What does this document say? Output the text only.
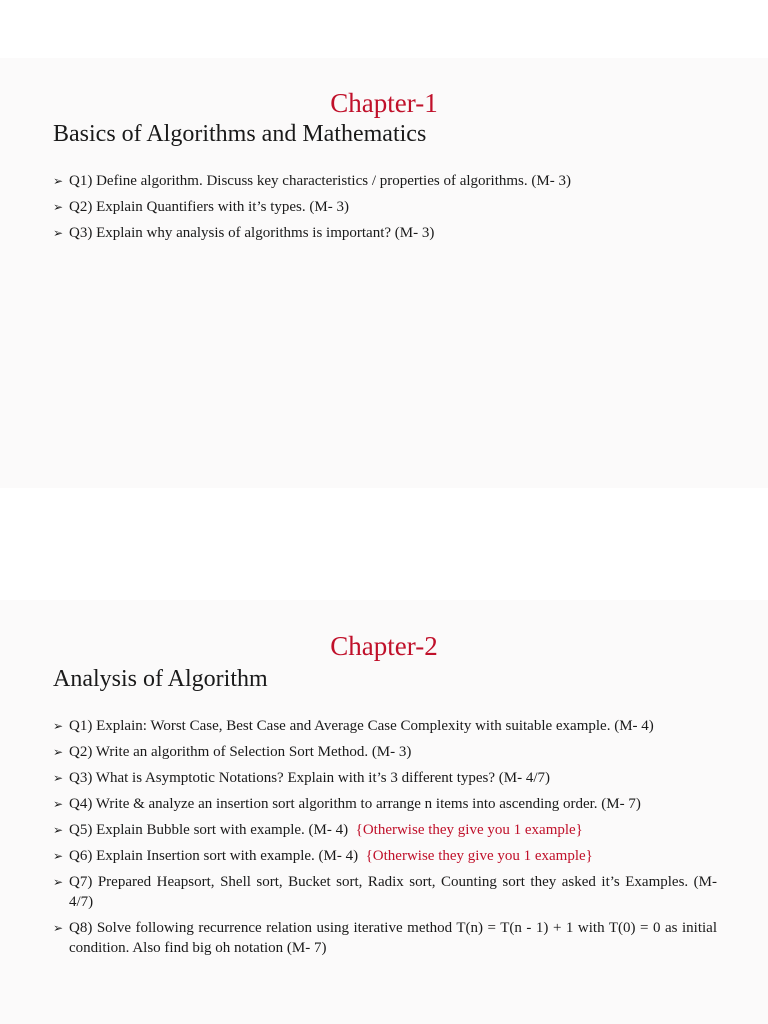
Chapter-1
Basics of Algorithms and Mathematics
➢ Q1) Define algorithm. Discuss key characteristics / properties of algorithms. (M- 3)
➢ Q2) Explain Quantifiers with it’s types. (M- 3)
➢ Q3) Explain why analysis of algorithms is important? (M- 3)
Chapter-2
Analysis of Algorithm
➢ Q1) Explain: Worst Case, Best Case and Average Case Complexity with suitable example. (M- 4)
➢ Q2) Write an algorithm of Selection Sort Method. (M- 3)
➢ Q3) What is Asymptotic Notations? Explain with it’s 3 different types? (M- 4/7)
➢ Q4) Write & analyze an insertion sort algorithm to arrange n items into ascending order. (M- 7)
➢ Q5) Explain Bubble sort with example. (M- 4) {Otherwise they give you 1 example}
➢ Q6) Explain Insertion sort with example. (M- 4) {Otherwise they give you 1 example}
➢ Q7) Prepared Heapsort, Shell sort, Bucket sort, Radix sort, Counting sort they asked it’s Examples. (M- 4/7)
➢ Q8) Solve following recurrence relation using iterative method T(n) = T(n - 1) + 1 with T(0) = 0 as initial condition. Also find big oh notation (M- 7)
